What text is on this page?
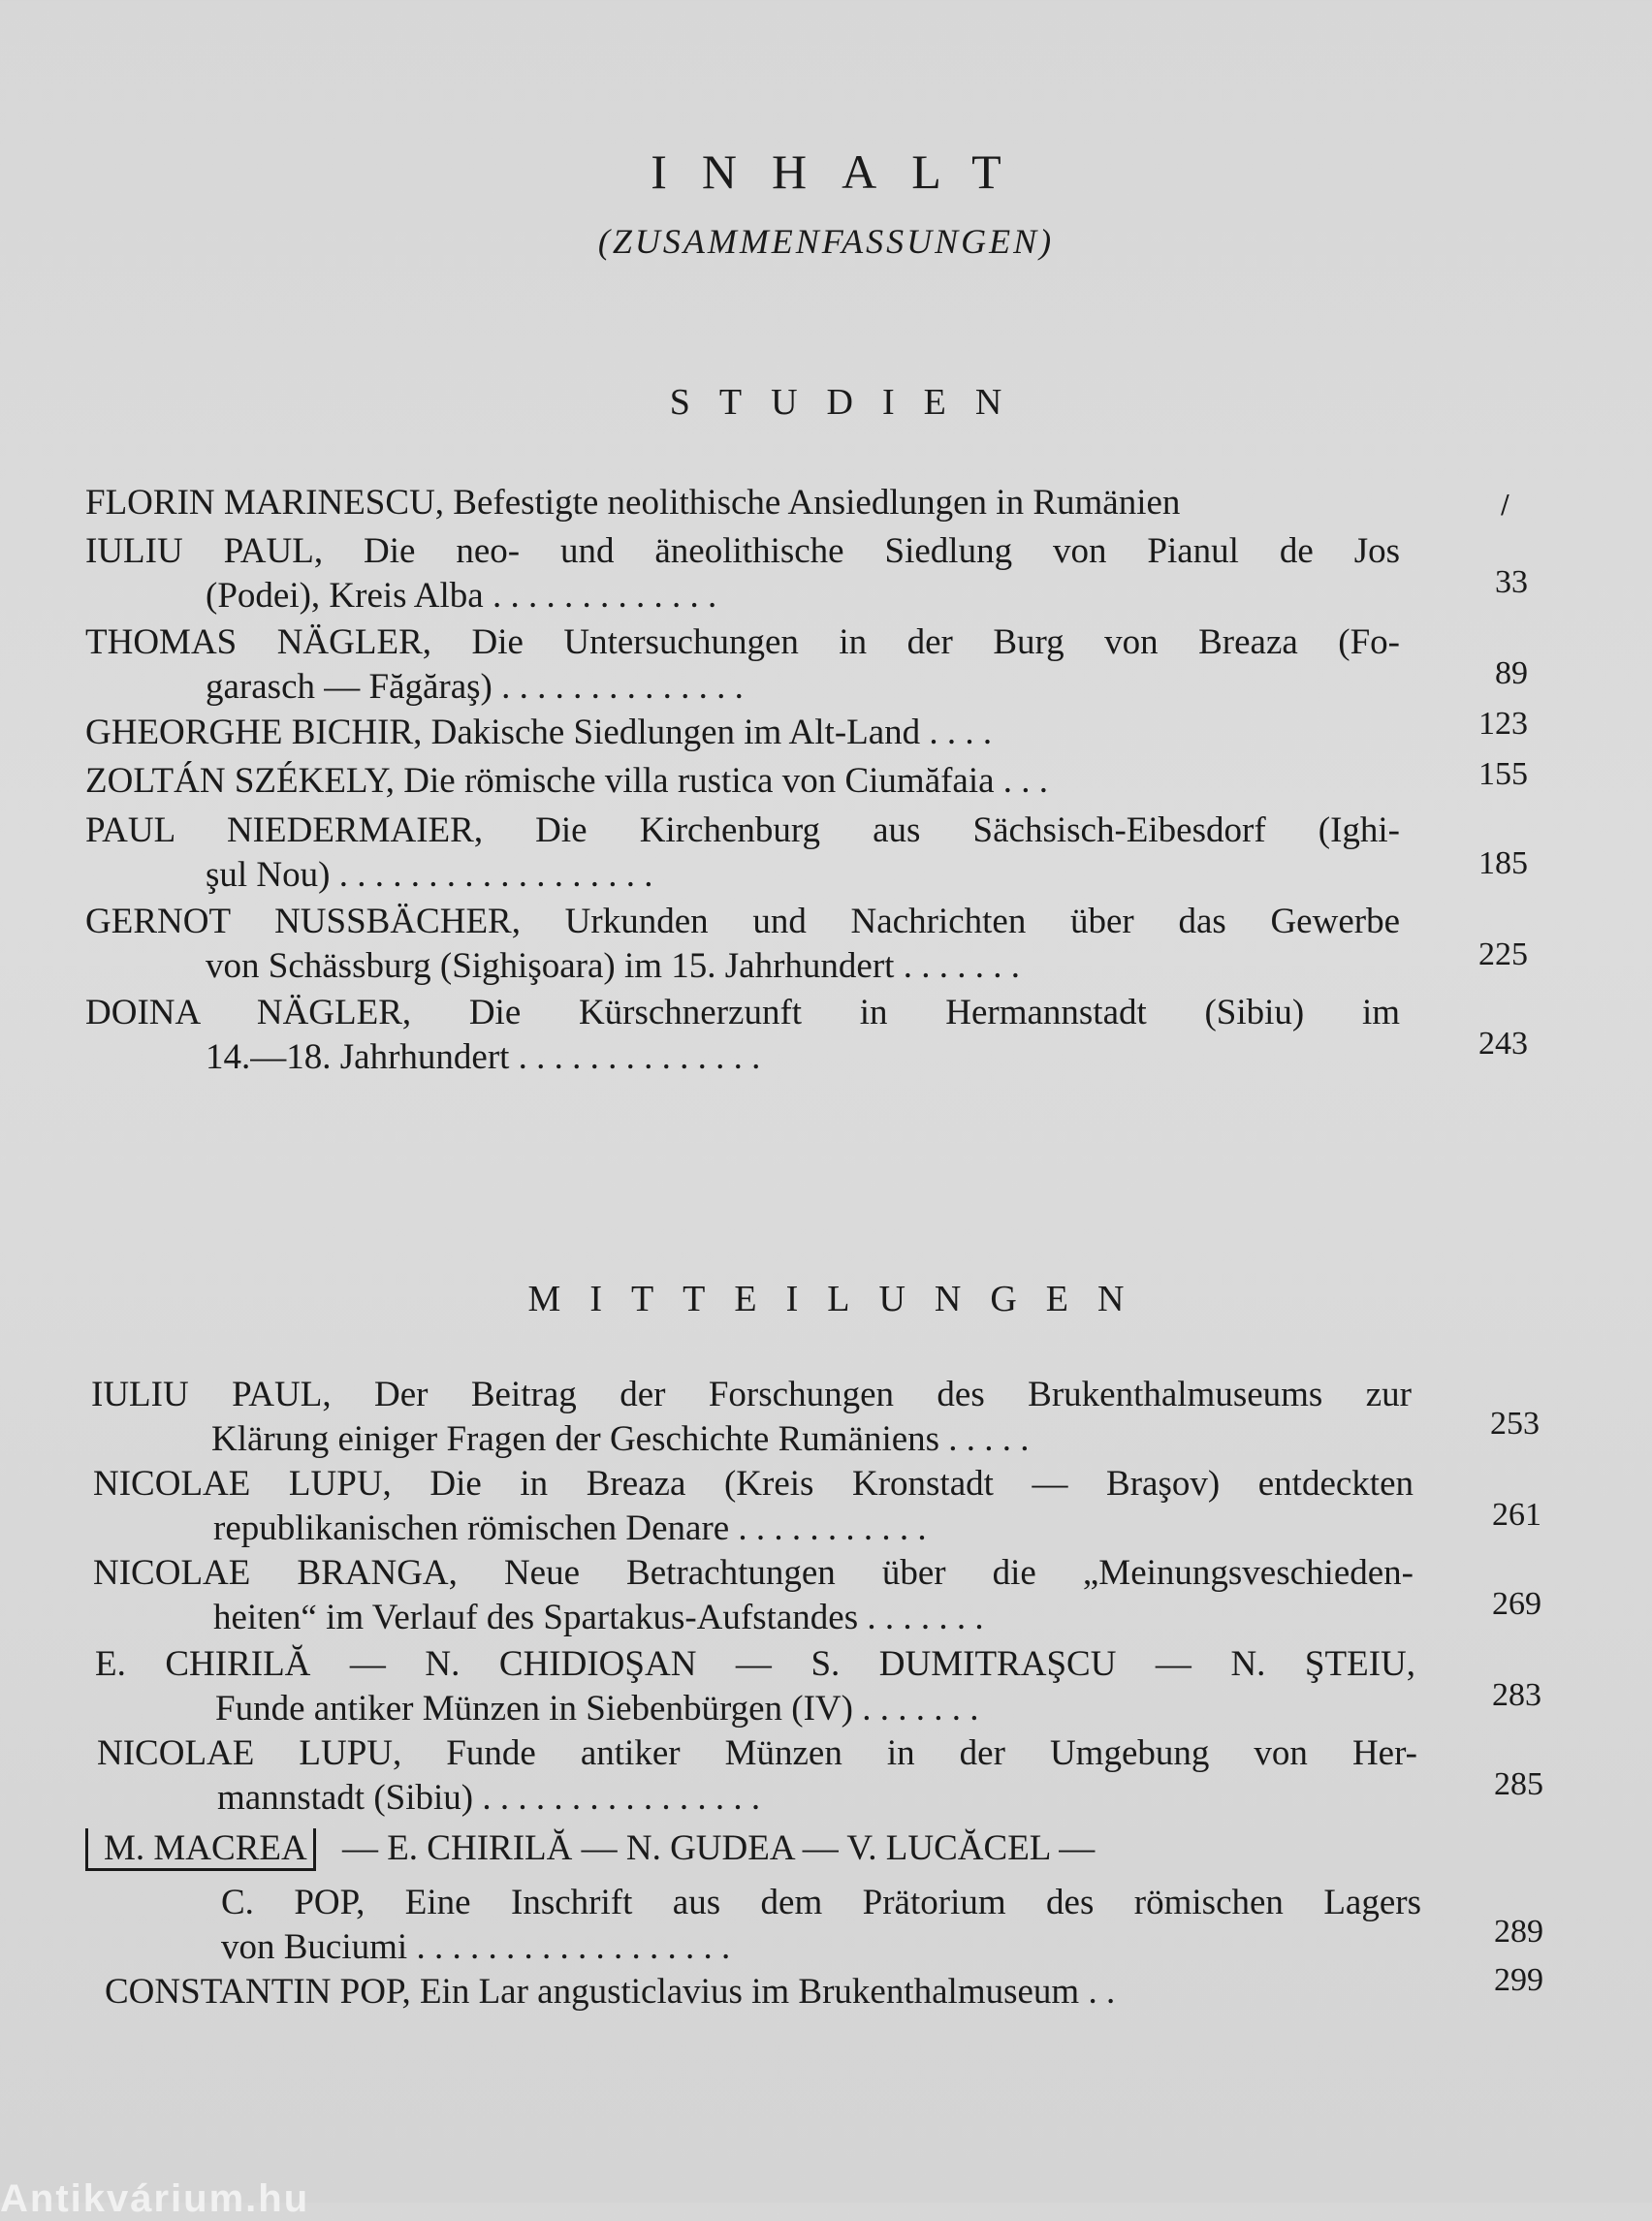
INHALT
(ZUSAMMENFASSUNGEN)
STUDIEN
FLORIN MARINESCU, Befestigte neolithische Ansiedlungen in Rumänien	/
IULIU PAUL, Die neo- und äneolithische Siedlung von Pianul de Jos
(Podei), Kreis Alba . . . . . . . . . . . . .	33
THOMAS NÄGLER, Die Untersuchungen in der Burg von Breaza (Fo-
garasch — Făgăraş) . . . . . . . . . . . . . .	89
GHEORGHE BICHIR, Dakische Siedlungen im Alt-Land . . . .	123
ZOLTÁN SZÉKELY, Die römische villa rustica von Ciumăfaia . . .	155
PAUL NIEDERMAIER, Die Kirchenburg aus Sächsisch-Eibesdorf (Ighi-
şul Nou) . . . . . . . . . . . . . . . . . .	185
GERNOT NUSSBÄCHER, Urkunden und Nachrichten über das Gewerbe
von Schässburg (Sighişoara) im 15. Jahrhundert . . . . . . .	225
DOINA NÄGLER, Die Kürschnerzunft in Hermannstadt (Sibiu) im
14.—18. Jahrhundert . . . . . . . . . . . . . .	243
MITTEILUNGEN
IULIU PAUL, Der Beitrag der Forschungen des Brukenthalmuseums zur
Klärung einiger Fragen der Geschichte Rumäniens . . . . .	253
NICOLAE LUPU, Die in Breaza (Kreis Kronstadt — Braşov) entdeckten
republikanischen römischen Denare . . . . . . . . . . .	261
NICOLAE BRANGA, Neue Betrachtungen über die „Meinungsveschieden-
heiten“ im Verlauf des Spartakus-Aufstandes . . . . . . .	269
E. CHIRILĂ — N. CHIDIOŞAN — S. DUMITRAŞCU — N. ŞTEIU,
Funde antiker Münzen in Siebenbürgen (IV) . . . . . . .	283
NICOLAE LUPU, Funde antiker Münzen in der Umgebung von Her-
mannstadt (Sibiu) . . . . . . . . . . . . . . . .	285
M. MACREA — E. CHIRILĂ — N. GUDEA — V. LUCĂCEL —
C. POP, Eine Inschrift aus dem Prätorium des römischen Lagers
von Buciumi . . . . . . . . . . . . . . . . . .	289
CONSTANTIN POP, Ein Lar angusticlavius im Brukenthalmuseum . .	299
Antikvárium.hu
